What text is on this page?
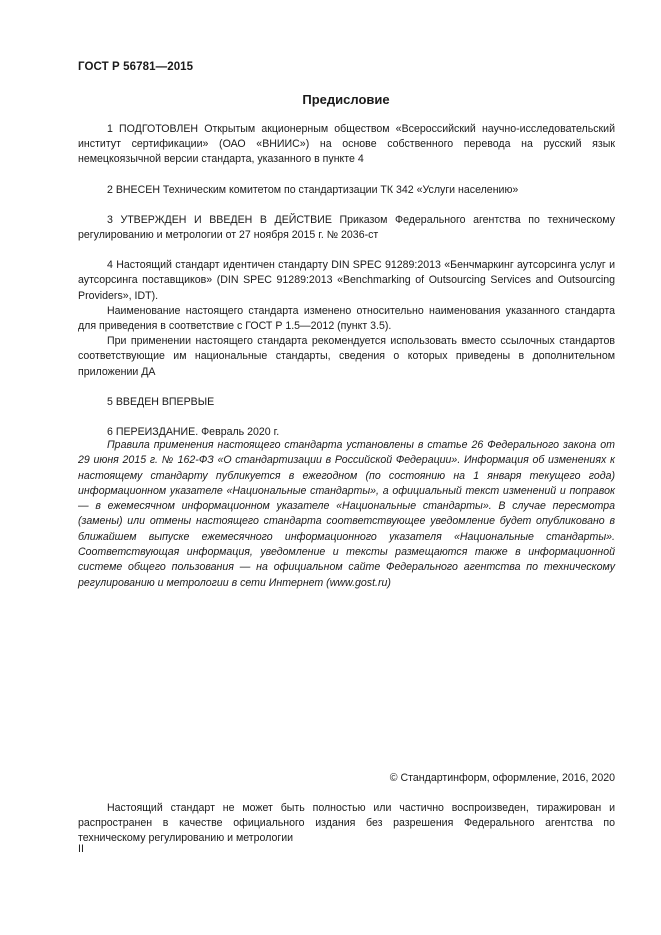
ГОСТ Р 56781—2015
Предисловие

1 ПОДГОТОВЛЕН Открытым акционерным обществом «Всероссийский научно-исследовательский институт сертификации» (ОАО «ВНИИС») на основе собственного перевода на русский язык немецкоязычной версии стандарта, указанного в пункте 4

2 ВНЕСЕН Техническим комитетом по стандартизации ТК 342 «Услуги населению»

3 УТВЕРЖДЕН И ВВЕДЕН В ДЕЙСТВИЕ Приказом Федерального агентства по техническому регулированию и метрологии от 27 ноября 2015 г. № 2036-ст

4 Настоящий стандарт идентичен стандарту DIN SPEC 91289:2013 «Бенчмаркинг аутсорсинга услуг и аутсорсинга поставщиков» (DIN SPEC 91289:2013 «Benchmarking of Outsourcing Services and Outsourcing Providers», IDT).

Наименование настоящего стандарта изменено относительно наименования указанного стандарта для приведения в соответствие с ГОСТ Р 1.5—2012 (пункт 3.5).

При применении настоящего стандарта рекомендуется использовать вместо ссылочных стандартов соответствующие им национальные стандарты, сведения о которых приведены в дополнительном приложении ДА

5 ВВЕДЕН ВПЕРВЫЕ

6 ПЕРЕИЗДАНИЕ. Февраль 2020 г.

Правила применения настоящего стандарта установлены в статье 26 Федерального закона от 29 июня 2015 г. № 162-ФЗ «О стандартизации в Российской Федерации». Информация об изменениях к настоящему стандарту публикуется в ежегодном (по состоянию на 1 января текущего года) информационном указателе «Национальные стандарты», а официальный текст изменений и поправок — в ежемесячном информационном указателе «Национальные стандарты». В случае пересмотра (замены) или отмены настоящего стандарта соответствующее уведомление будет опубликовано в ближайшем выпуске ежемесячного информационного указателя «Национальные стандарты». Соответствующая информация, уведомление и тексты размещаются также в информационной системе общего пользования — на официальном сайте Федерального агентства по техническому регулированию и метрологии в сети Интернет (www.gost.ru)

© Стандартинформ, оформление, 2016, 2020

Настоящий стандарт не может быть полностью или частично воспроизведен, тиражирован и распространен в качестве официального издания без разрешения Федерального агентства по техническому регулированию и метрологии

II
